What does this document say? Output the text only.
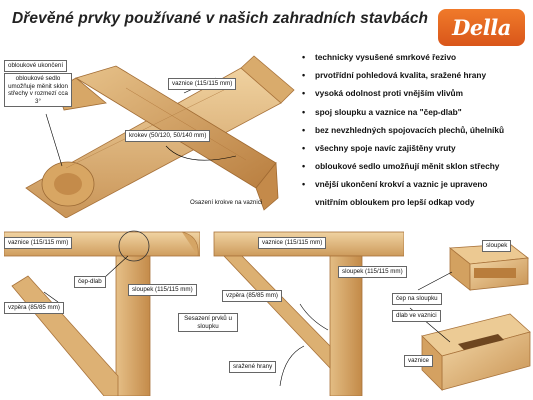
Dřevěné prvky používané v našich zahradních stavbách Della
• technicky vysušené smrkové řezivo
• prvotřídní pohledová kvalita, sražené hrany
• vysoká odolnost proti vnějším vlivům
• spoj sloupku a vaznice na "čep-dlab"
• bez nevzhledných spojovacích plechů, úhelníků
• všechny spoje navíc zajištěny vruty
• obloukové sedlo umožňují měnit sklon střechy
• vnější ukončení krokví a vaznic je upraveno
vnitřním obloukem pro lepší odkap vody
obloukové ukončení
obloukové sedlo umožňuje měnit sklon střechy v rozmezí cca 3°
vaznice (115/115 mm)
krokev (50/120, 50/140 mm)
Osazení krokve na vaznici
vaznice (115/115 mm)
čep-dlab
sloupek (115/115 mm)
vzpěra (85/85 mm)
vaznice (115/115 mm)
sloupek (115/115 mm)
vzpěra (85/85 mm)
Sesazení prvků u sloupku
sražené hrany
sloupek
čep na sloupku
dlab ve vaznici
vaznice
